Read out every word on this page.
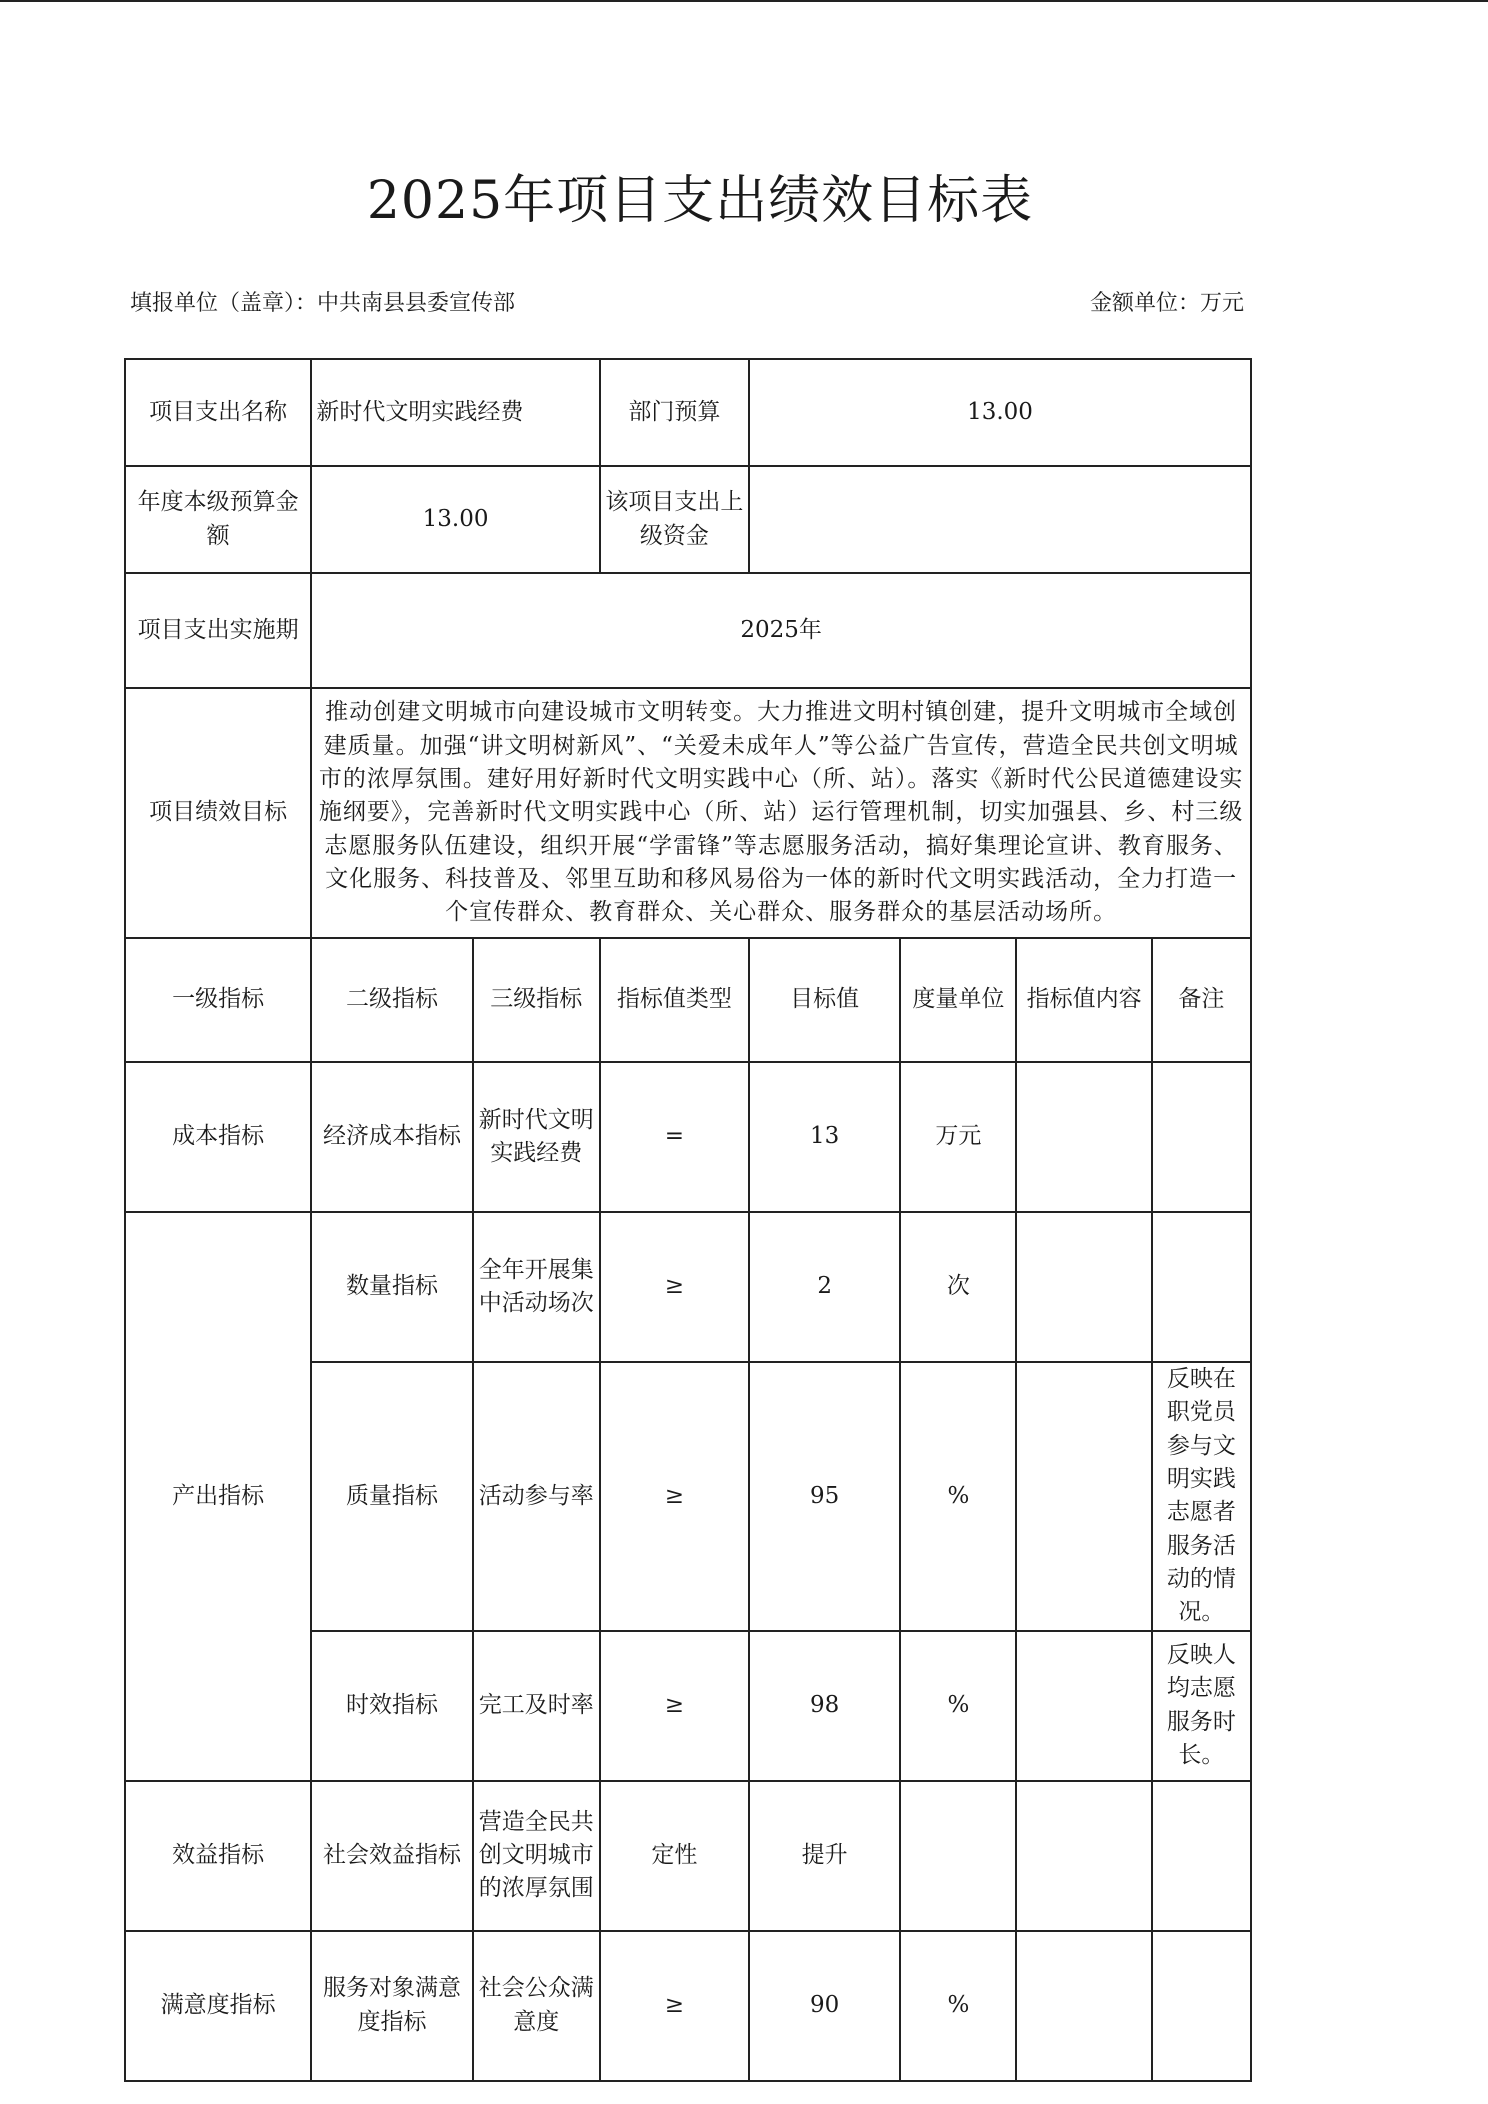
2025年项目支出绩效目标表
填报单位（盖章）：中共南县县委宣传部	金额单位：万元
项目支出名称	新时代文明实践经费		部门预算	13.00			
年度本级预算金额	13.00		该项目支出上级资金				
项目支出实施期	2025年						
项目绩效目标	推动创建文明城市向建设城市文明转变。大力推进文明村镇创建，提升文明城市全域创建质量。加强“讲文明树新风”、“关爱未成年人”等公益广告宣传，营造全民共创文明城市的浓厚氛围。建好用好新时代文明实践中心（所、站）。落实《新时代公民道德建设实施纲要》，完善新时代文明实践中心（所、站）运行管理机制，切实加强县、乡、村三级志愿服务队伍建设，组织开展“学雷锋”等志愿服务活动，搞好集理论宣讲、教育服务、文化服务、科技普及、邻里互助和移风易俗为一体的新时代文明实践活动，全力打造一个宣传群众、教育群众、关心群众、服务群众的基层活动场所。						
一级指标	二级指标	三级指标	指标值类型	目标值	度量单位	指标值内容	备注
成本指标	经济成本指标	新时代文明实践经费	=	13	万元		
产出指标	数量指标	全年开展集中活动场次	≥	2	次		
	质量指标	活动参与率	≥	95	%		反映在职党员参与文明实践志愿者服务活动的情况。
	时效指标	完工及时率	≥	98	%		反映人均志愿服务时长。
效益指标	社会效益指标	营造全民共创文明城市的浓厚氛围	定性	提升			
满意度指标	服务对象满意度指标	社会公众满意度	≥	90	%		
